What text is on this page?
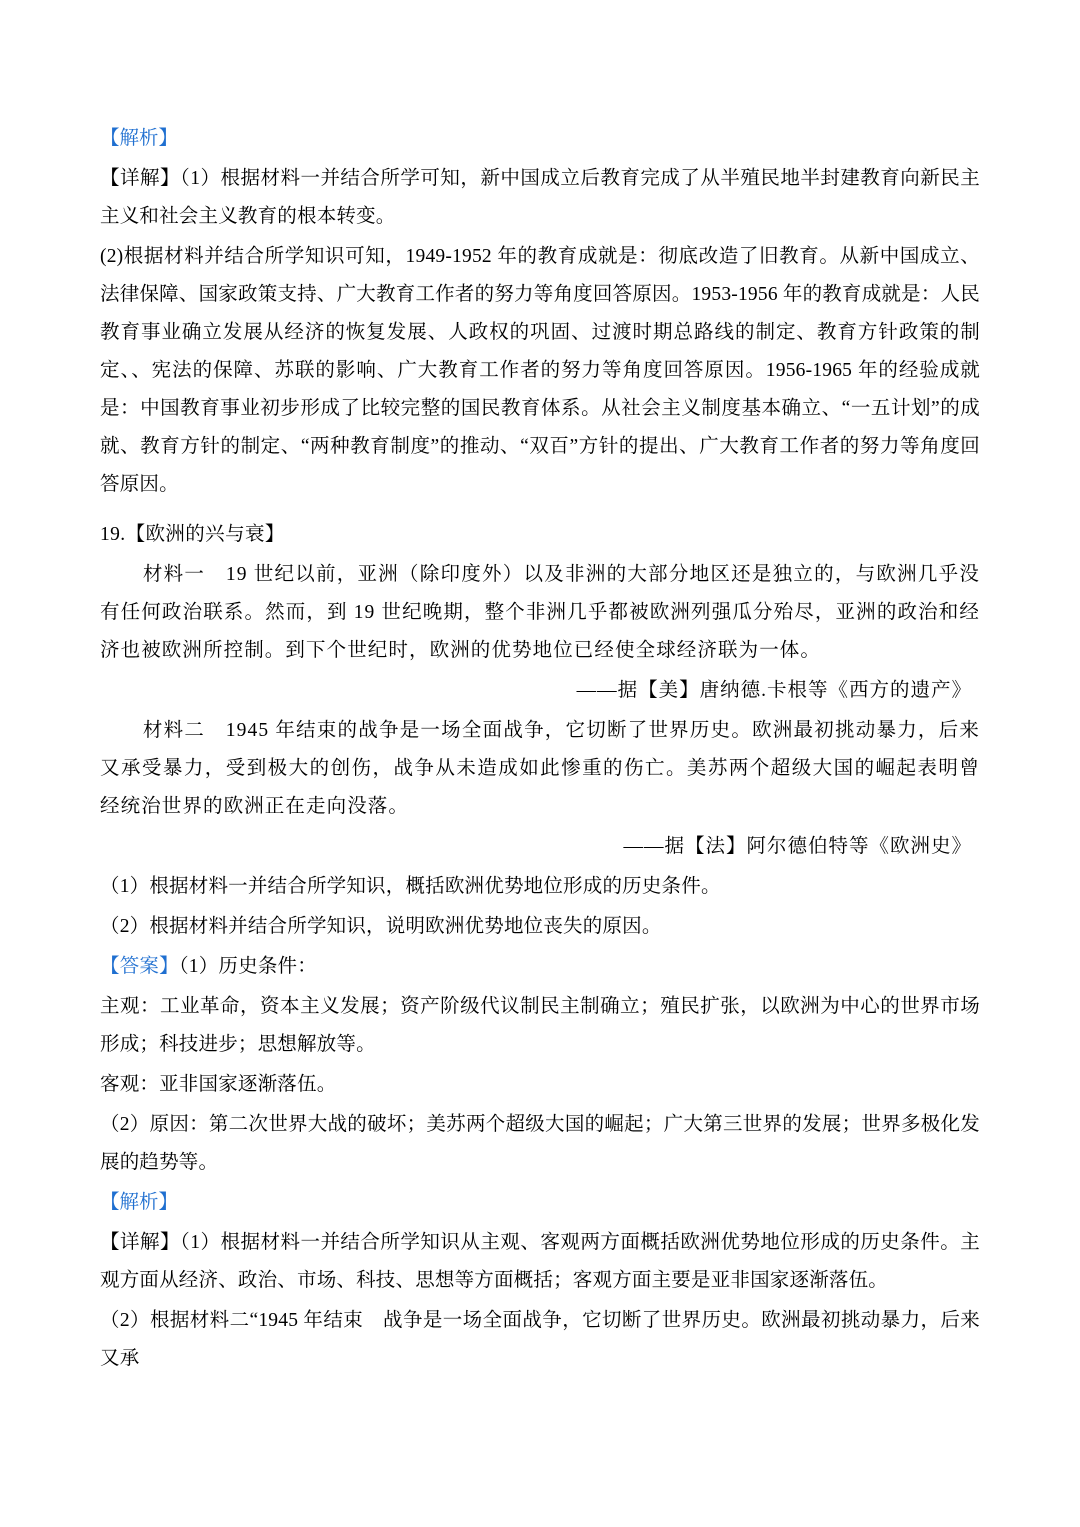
【解析】
【详解】（1）根据材料一并结合所学可知，新中国成立后教育完成了从半殖民地半封建教育向新民主主义和社会主义教育的根本转变。
(2)根据材料并结合所学知识可知，1949-1952 年的教育成就是：彻底改造了旧教育。从新中国成立、法律保障、国家政策支持、广大教育工作者的努力等角度回答原因。1953-1956 年的教育成就是：人民教育事业确立发展从经济的恢复发展、人政权的巩固、过渡时期总路线的制定、教育方针政策的制定、、宪法的保障、苏联的影响、广大教育工作者的努力等角度回答原因。1956-1965 年的经验成就是：中国教育事业初步形成了比较完整的国民教育体系。从社会主义制度基本确立、“一五计划”的成就、教育方针的制定、“两种教育制度”的推动、“双百”方针的提出、广大教育工作者的努力等角度回答原因。
19.【欧洲的兴与衰】
材料一　19 世纪以前，亚洲（除印度外）以及非洲的大部分地区还是独立的，与欧洲几乎没有任何政治联系。然而，到 19 世纪晚期，整个非洲几乎都被欧洲列强瓜分殆尽，亚洲的政治和经济也被欧洲所控制。到下个世纪时，欧洲的优势地位已经使全球经济联为一体。
——据【美】唐纳德.卡根等《西方的遗产》
材料二　1945 年结束的战争是一场全面战争，它切断了世界历史。欧洲最初挑动暴力，后来又承受暴力，受到极大的创伤，战争从未造成如此惨重的伤亡。美苏两个超级大国的崛起表明曾经统治世界的欧洲正在走向没落。
——据【法】阿尔德伯特等《欧洲史》
（1）根据材料一并结合所学知识，概括欧洲优势地位形成的历史条件。
（2）根据材料并结合所学知识，说明欧洲优势地位丧失的原因。
【答案】（1）历史条件：
主观：工业革命，资本主义发展；资产阶级代议制民主制确立；殖民扩张，以欧洲为中心的世界市场形成；科技进步；思想解放等。
客观：亚非国家逐渐落伍。
（2）原因：第二次世界大战的破坏；美苏两个超级大国的崛起；广大第三世界的发展；世界多极化发展的趋势等。
【解析】
【详解】（1）根据材料一并结合所学知识从主观、客观两方面概括欧洲优势地位形成的历史条件。主观方面从经济、政治、市场、科技、思想等方面概括；客观方面主要是亚非国家逐渐落伍。
（2）根据材料二“1945 年结束　战争是一场全面战争，它切断了世界历史。欧洲最初挑动暴力，后来又承
